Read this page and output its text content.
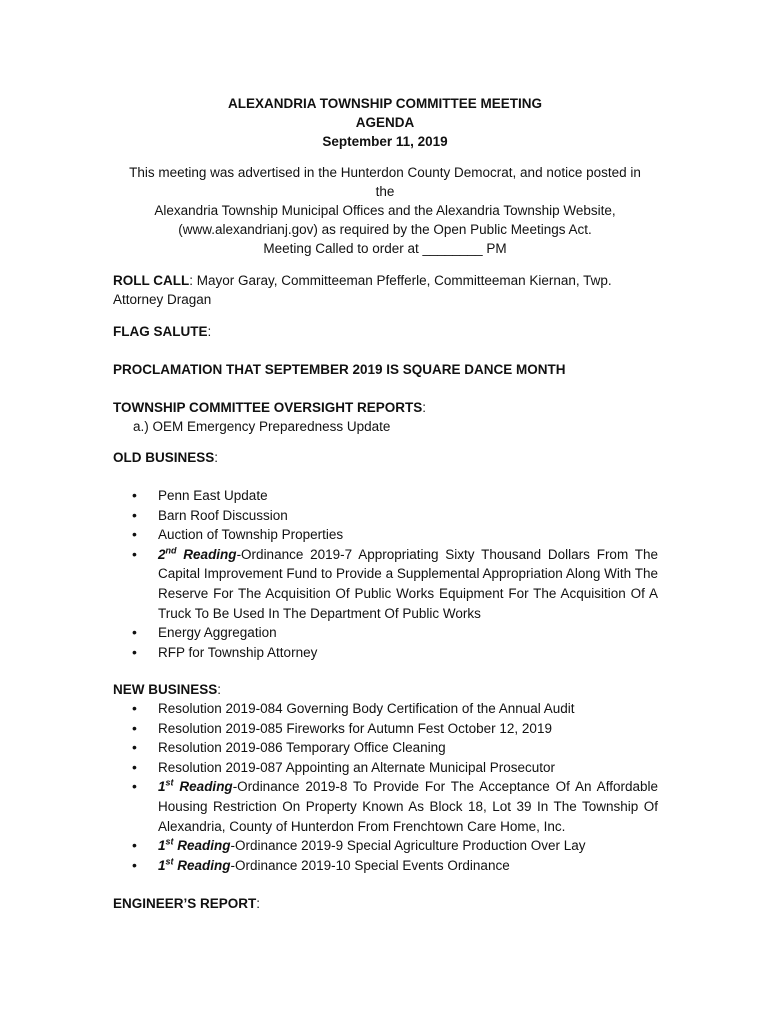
ALEXANDRIA TOWNSHIP COMMITTEE MEETING
AGENDA
September 11, 2019
This meeting was advertised in the Hunterdon County Democrat, and notice posted in
the
Alexandria Township Municipal Offices and the Alexandria Township Website,
(www.alexandrianj.gov) as required by the Open Public Meetings Act.
Meeting Called to order at ________ PM
ROLL CALL: Mayor Garay, Committeeman Pfefferle, Committeeman Kiernan, Twp. Attorney Dragan
FLAG SALUTE:
PROCLAMATION THAT SEPTEMBER 2019 IS SQUARE DANCE MONTH
TOWNSHIP COMMITTEE OVERSIGHT REPORTS:
a.) OEM Emergency Preparedness Update
OLD BUSINESS:
• Penn East Update
• Barn Roof Discussion
• Auction of Township Properties
• 2nd Reading-Ordinance 2019-7 Appropriating Sixty Thousand Dollars From The Capital Improvement Fund to Provide a Supplemental Appropriation Along With The Reserve For The Acquisition Of Public Works Equipment For The Acquisition Of A Truck To Be Used In The Department Of Public Works
• Energy Aggregation
• RFP for Township Attorney
NEW BUSINESS:
• Resolution 2019-084 Governing Body Certification of the Annual Audit
• Resolution 2019-085 Fireworks for Autumn Fest October 12, 2019
• Resolution 2019-086 Temporary Office Cleaning
• Resolution 2019-087 Appointing an Alternate Municipal Prosecutor
• 1st Reading-Ordinance 2019-8 To Provide For The Acceptance Of An Affordable Housing Restriction On Property Known As Block 18, Lot 39 In The Township Of Alexandria, County of Hunterdon From Frenchtown Care Home, Inc.
• 1st Reading-Ordinance 2019-9 Special Agriculture Production Over Lay
• 1st Reading-Ordinance 2019-10 Special Events Ordinance
ENGINEER’S REPORT:
